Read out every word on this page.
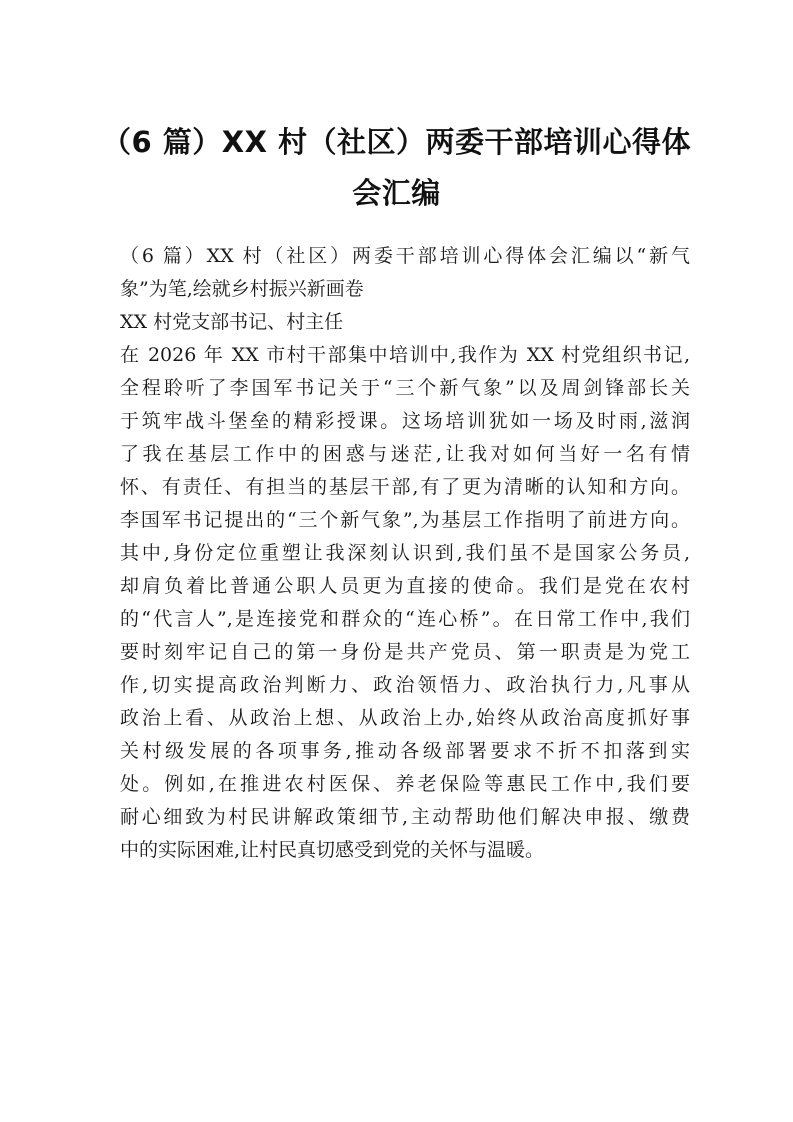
（6 篇）XX 村（社区）两委干部培训心得体
会汇编
（6 篇）XX 村（社区）两委干部培训心得体会汇编以“新气
象”为笔,绘就乡村振兴新画卷
XX 村党支部书记、村主任
在 2026 年 XX 市村干部集中培训中,我作为 XX 村党组织书记,
全程聆听了李国军书记关于“三个新气象”以及周剑锋部长关
于筑牢战斗堡垒的精彩授课。这场培训犹如一场及时雨,滋润
了我在基层工作中的困惑与迷茫,让我对如何当好一名有情
怀、有责任、有担当的基层干部,有了更为清晰的认知和方向。
李国军书记提出的“三个新气象”,为基层工作指明了前进方向。
其中,身份定位重塑让我深刻认识到,我们虽不是国家公务员,
却肩负着比普通公职人员更为直接的使命。我们是党在农村
的“代言人”,是连接党和群众的“连心桥”。在日常工作中,我们
要时刻牢记自己的第一身份是共产党员、第一职责是为党工
作,切实提高政治判断力、政治领悟力、政治执行力,凡事从
政治上看、从政治上想、从政治上办,始终从政治高度抓好事
关村级发展的各项事务,推动各级部署要求不折不扣落到实
处。例如,在推进农村医保、养老保险等惠民工作中,我们要
耐心细致为村民讲解政策细节,主动帮助他们解决申报、缴费
中的实际困难,让村民真切感受到党的关怀与温暖。
